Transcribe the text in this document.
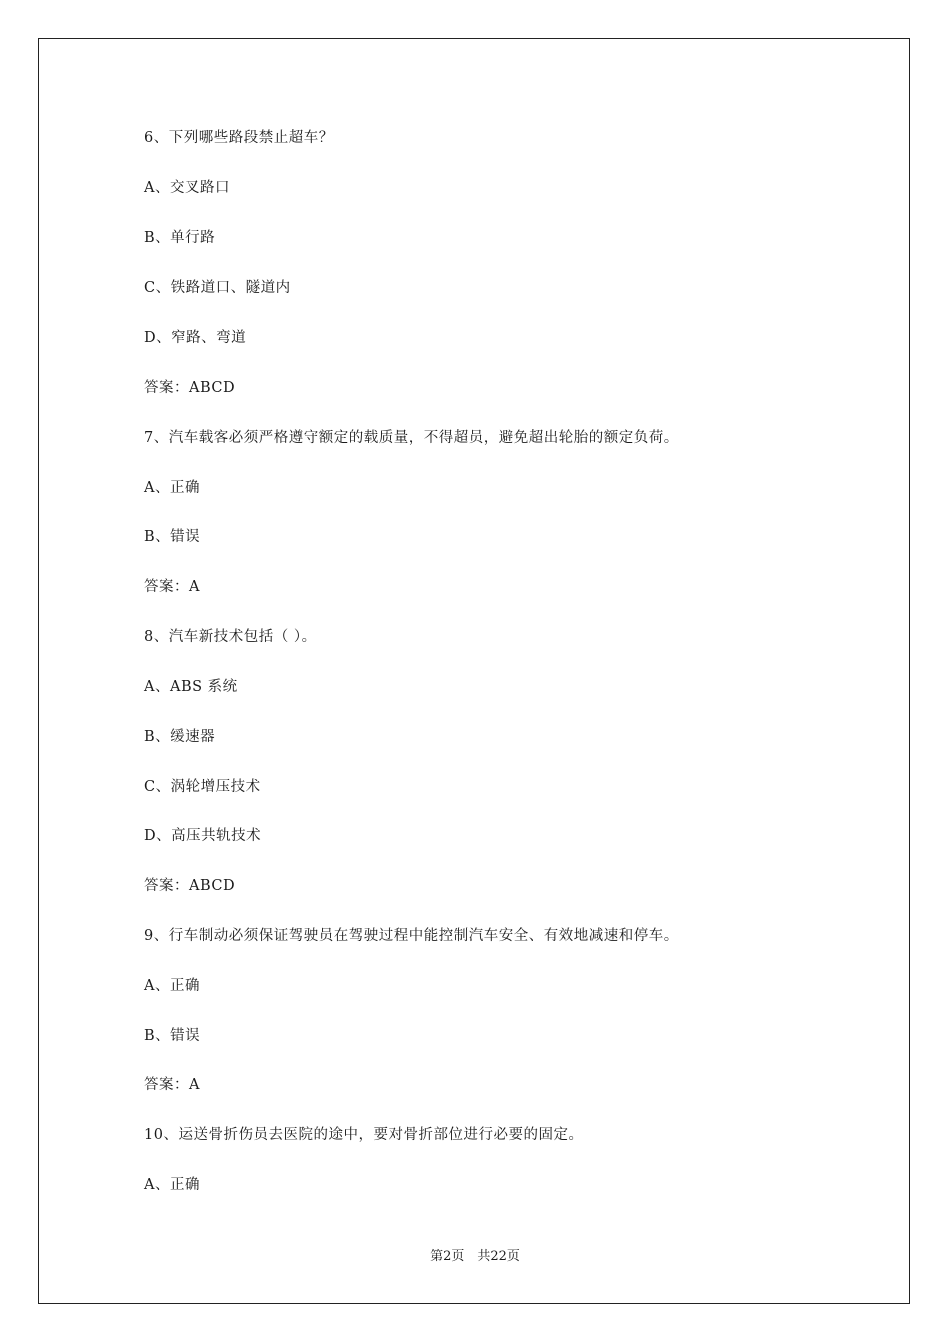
6、下列哪些路段禁止超车？
A、交叉路口
B、单行路
C、铁路道口、隧道内
D、窄路、弯道
答案：ABCD
7、汽车载客必须严格遵守额定的载质量，不得超员，避免超出轮胎的额定负荷。
A、正确
B、错误
答案：A
8、汽车新技术包括（ ）。
A、ABS 系统
B、缓速器
C、涡轮增压技术
D、高压共轨技术
答案：ABCD
9、行车制动必须保证驾驶员在驾驶过程中能控制汽车安全、有效地减速和停车。
A、正确
B、错误
答案：A
10、运送骨折伤员去医院的途中，要对骨折部位进行必要的固定。
A、正确
第2页　共22页
